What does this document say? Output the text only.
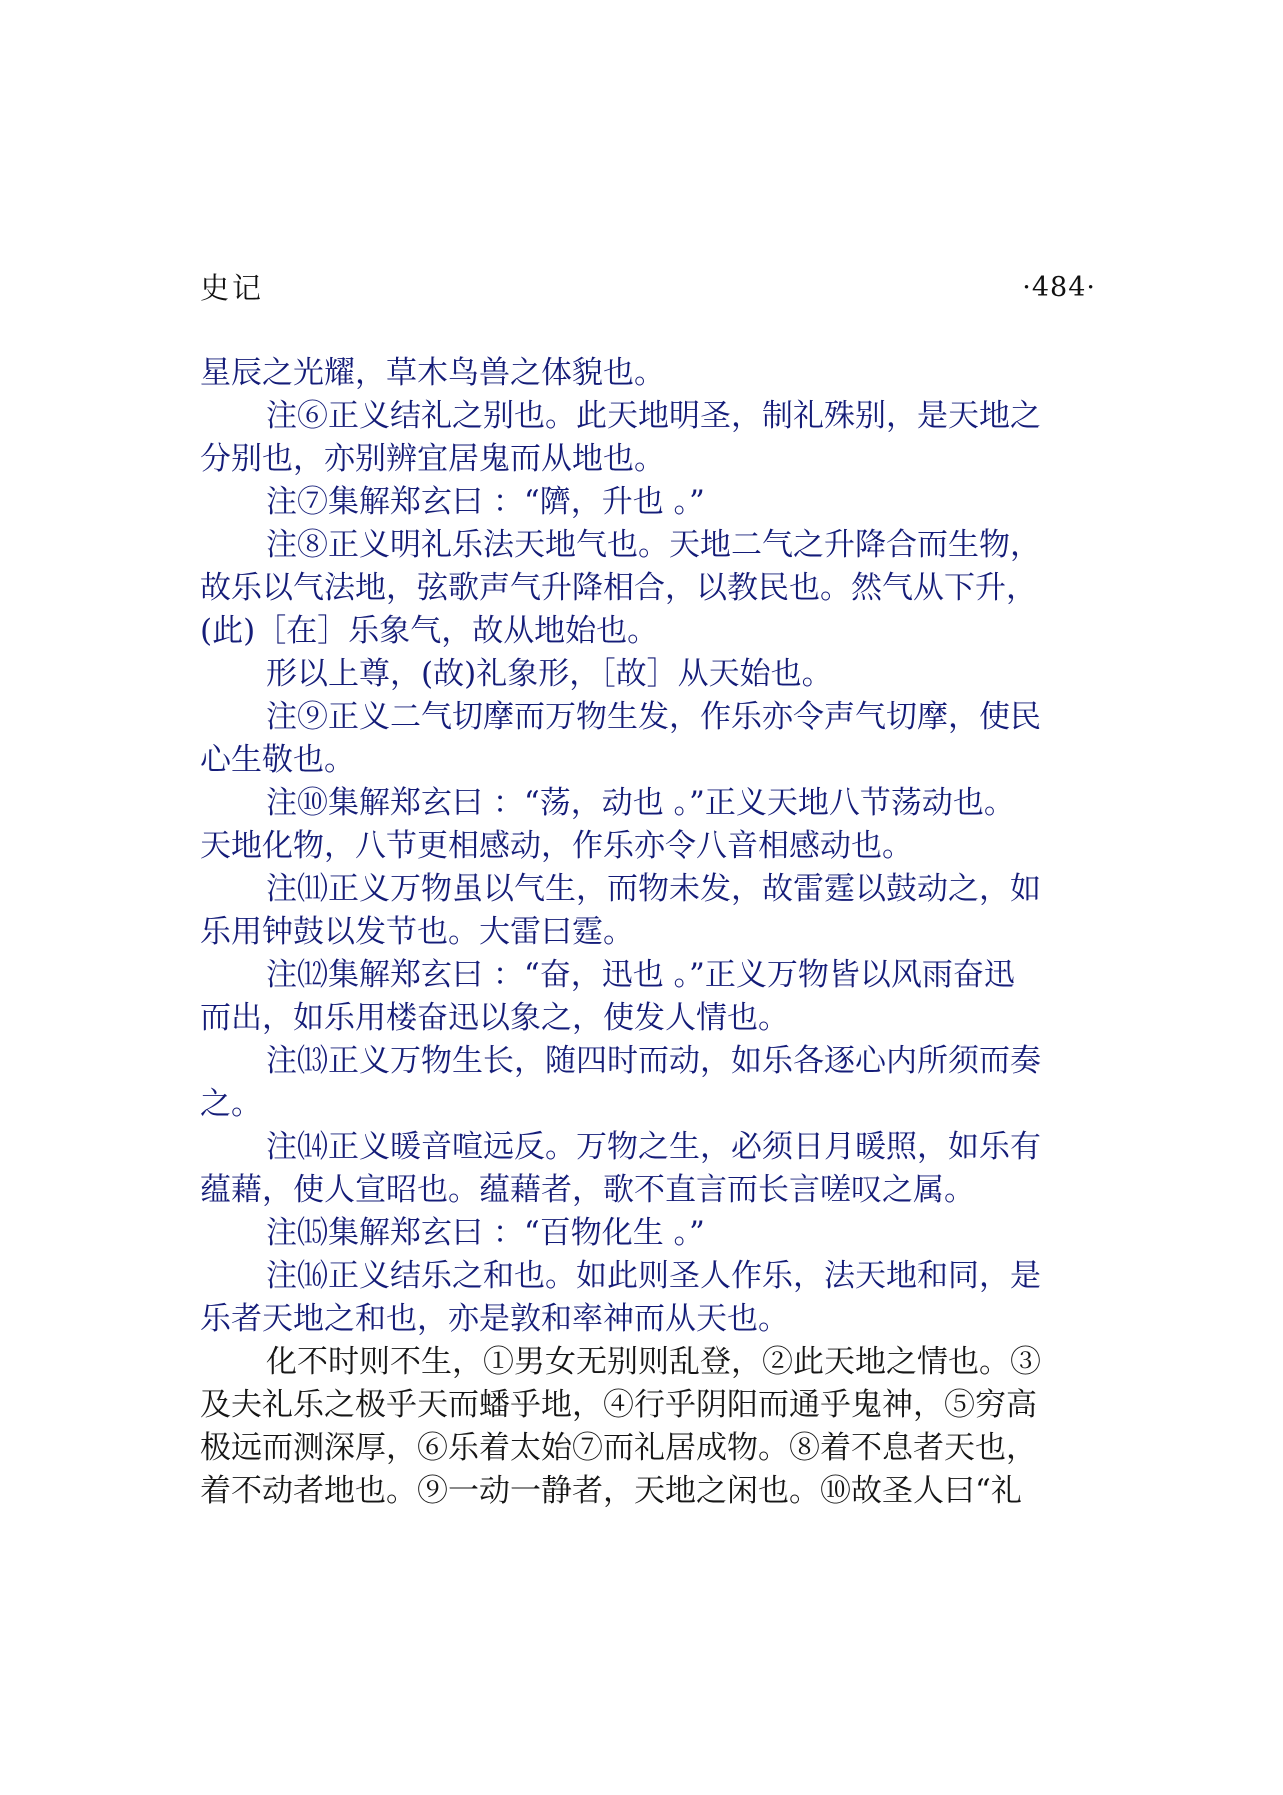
史记	·484·
星辰之光耀，草木鸟兽之体貌也。
注⑥正义结礼之别也。此天地明圣，制礼殊别，是天地之
分别也，亦别辨宜居鬼而从地也。
注⑦集解郑玄曰 ：“隮，升也 。”
注⑧正义明礼乐法天地气也。天地二气之升降合而生物，
故乐以气法地，弦歌声气升降相合，以教民也。然气从下升，
(此)［在］乐象气，故从地始也。
形以上尊，(故)礼象形，［故］从天始也。
注⑨正义二气切摩而万物生发，作乐亦令声气切摩，使民
心生敬也。
注⑩集解郑玄曰 ：“荡，动也 。”正义天地八节荡动也。
天地化物，八节更相感动，作乐亦令八音相感动也。
注⑾正义万物虽以气生，而物未发，故雷霆以鼓动之，如
乐用钟鼓以发节也。大雷曰霆。
注⑿集解郑玄曰 ：“奋，迅也 。”正义万物皆以风雨奋迅
而出，如乐用楼奋迅以象之，使发人情也。
注⒀正义万物生长，随四时而动，如乐各逐心内所须而奏
之。
注⒁正义暖音喧远反。万物之生，必须日月暖照，如乐有
蕴藉，使人宣昭也。蕴藉者，歌不直言而长言嗟叹之属。
注⒂集解郑玄曰 ：“百物化生 。”
注⒃正义结乐之和也。如此则圣人作乐，法天地和同，是
乐者天地之和也，亦是敦和率神而从天也。
化不时则不生，①男女无别则乱登，②此天地之情也。③
及夫礼乐之极乎天而蟠乎地，④行乎阴阳而通乎鬼神，⑤穷高
极远而测深厚，⑥乐着太始⑦而礼居成物。⑧着不息者天也，
着不动者地也。⑨一动一静者，天地之闲也。⑩故圣人曰“礼
